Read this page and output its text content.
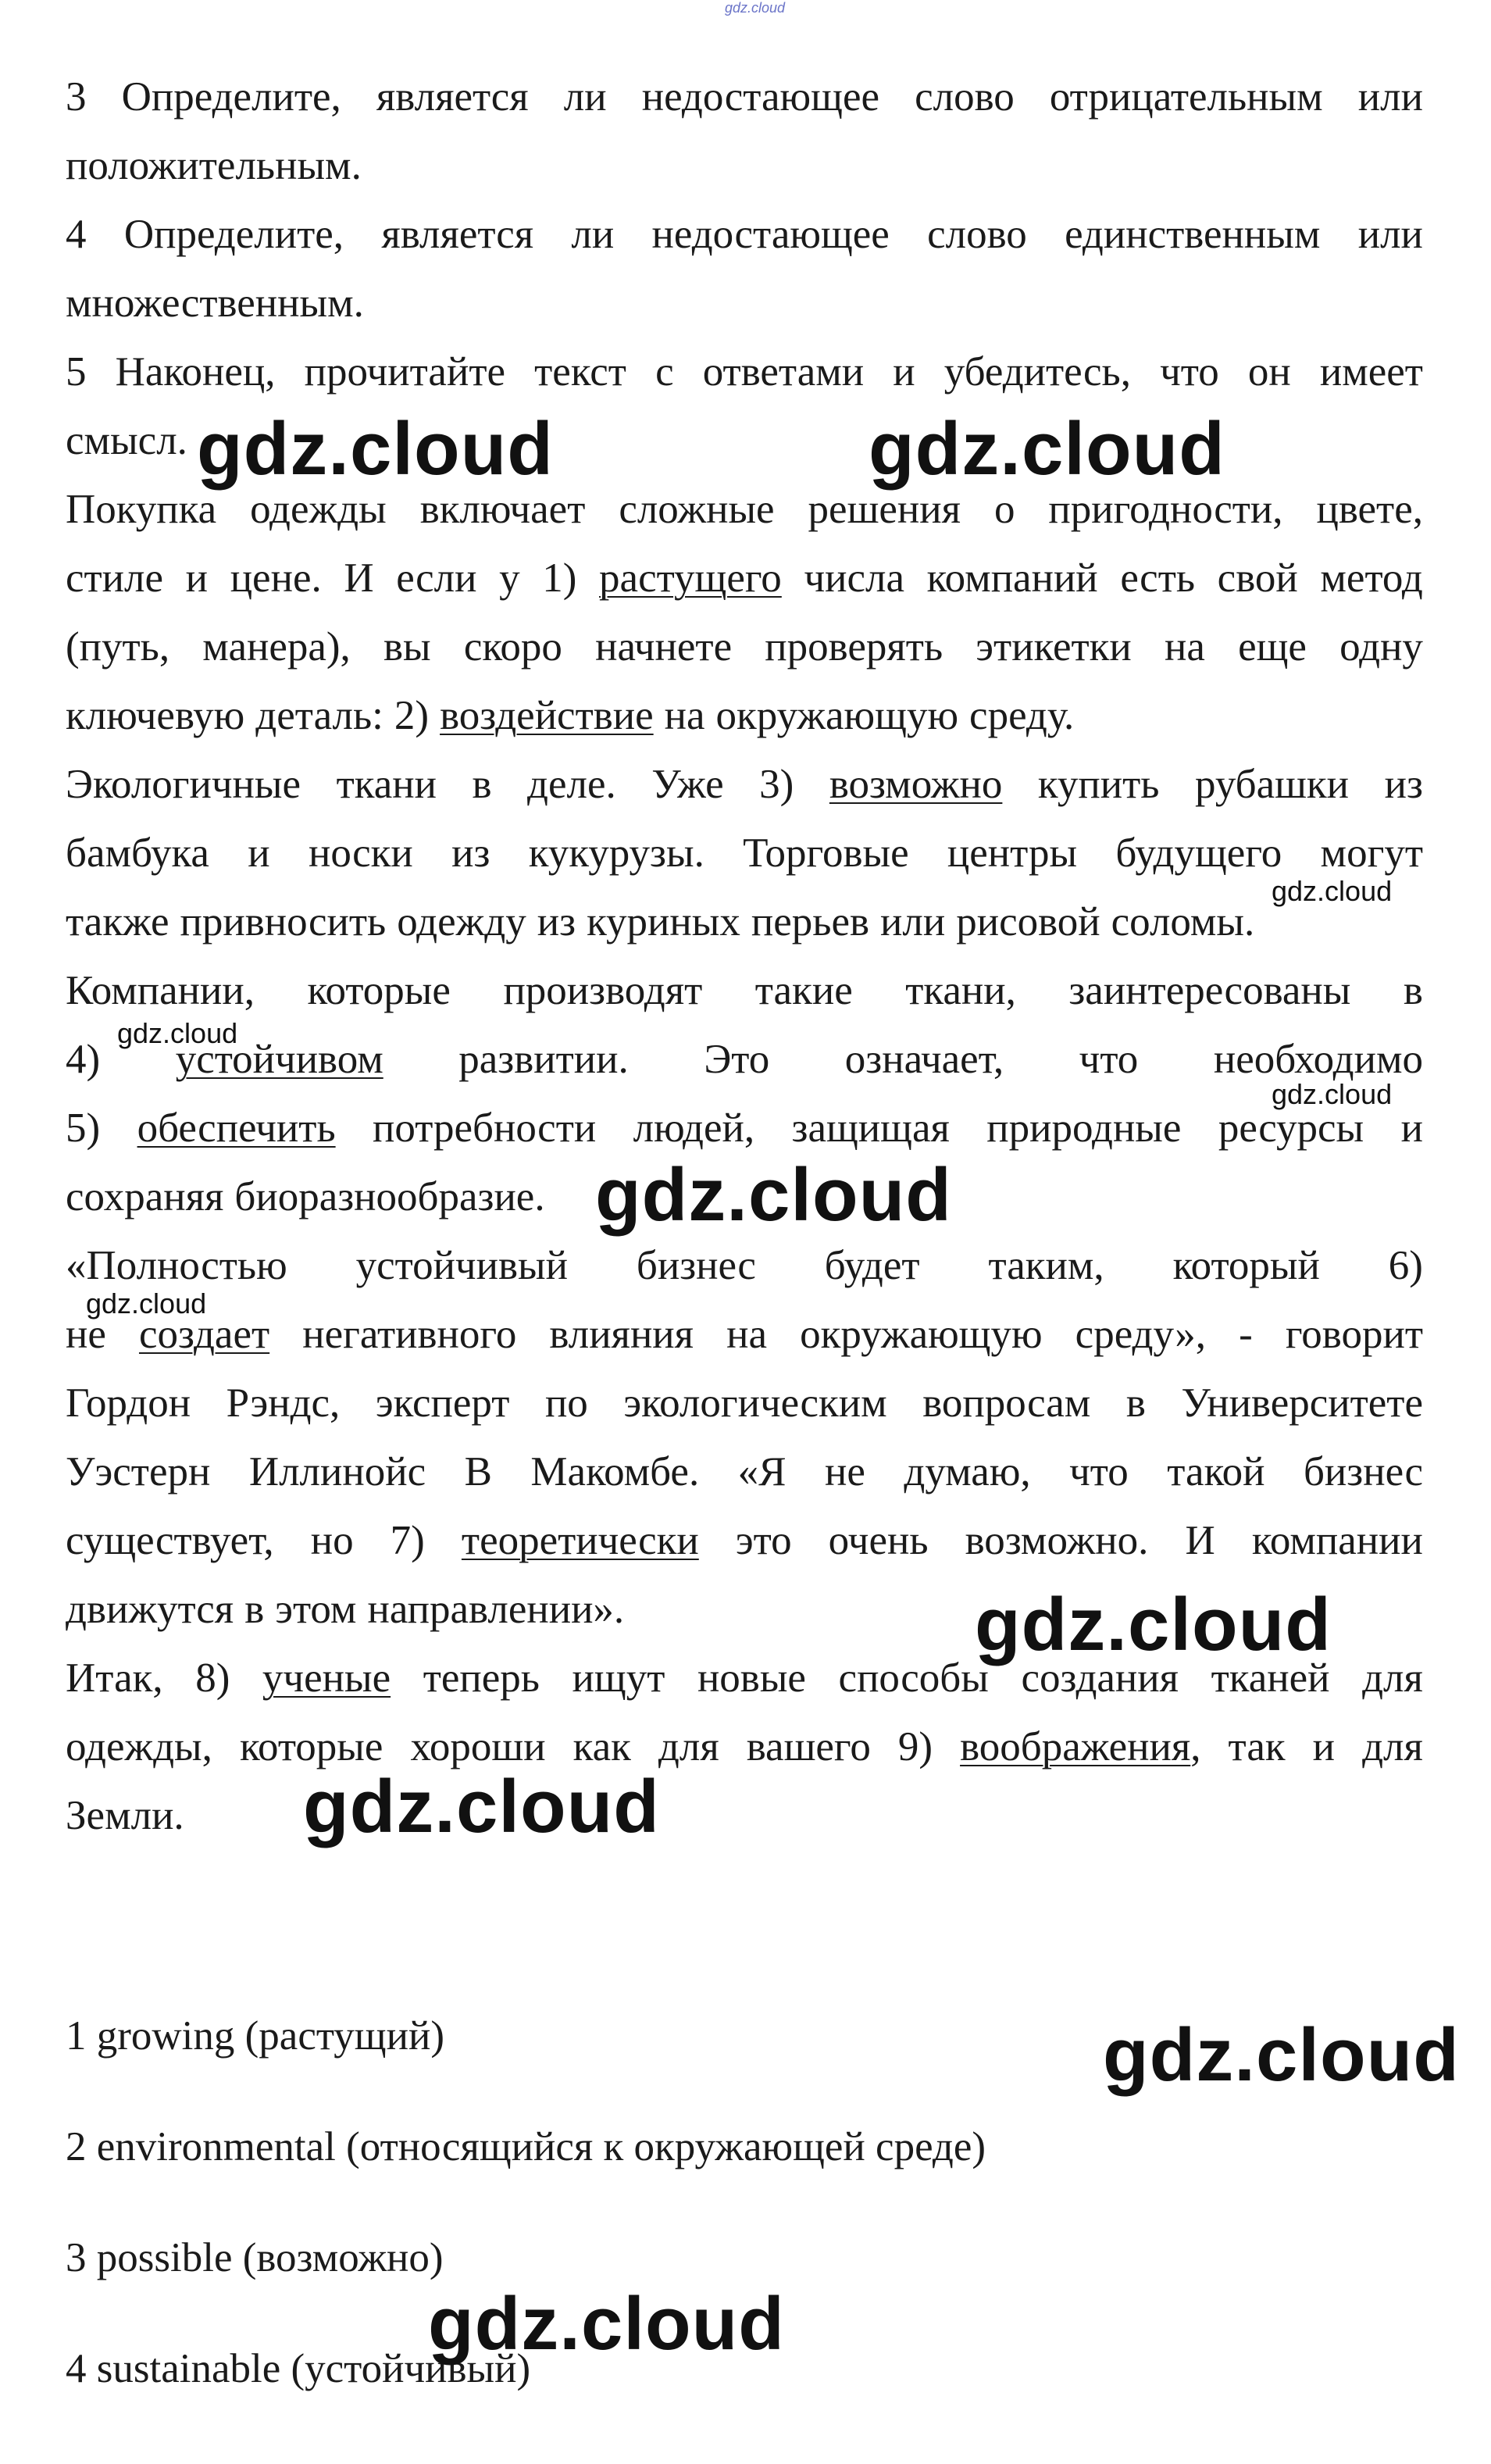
3 Определите, является ли недостающее слово отрицательным или
положительным.
4 Определите, является ли недостающее слово единственным или
множественным.
5 Наконец, прочитайте текст с ответами и убедитесь, что он имеет
смысл.
Покупка одежды включает сложные решения о пригодности, цвете,
стиле и цене. И если у 1) растущего числа компаний есть свой метод
(путь, манера), вы скоро начнете проверять этикетки на еще одну
ключевую деталь: 2) воздействие на окружающую среду.
Экологичные ткани в деле. Уже 3) возможно купить рубашки из
бамбука и носки из кукурузы. Торговые центры будущего могут
также привносить одежду из куриных перьев или рисовой соломы.
Компании, которые производят такие ткани, заинтересованы в
4) устойчивом развитии. Это означает, что необходимо
5) обеспечить потребности людей, защищая природные ресурсы и
сохраняя биоразнообразие.
«Полностью устойчивый бизнес будет таким, который 6)
не создает негативного влияния на окружающую среду», - говорит
Гордон Рэндс, эксперт по экологическим вопросам в Университете
Уэстерн Иллинойс В Макомбе. «Я не думаю, что такой бизнес
существует, но 7) теоретически это очень возможно. И компании
движутся в этом направлении».
Итак, 8) ученые теперь ищут новые способы создания тканей для
одежды, которые хороши как для вашего 9) воображения, так и для
Земли.
1 growing (растущий)
2 environmental (относящийся к окружающей среде)
3 possible (возможно)
4 sustainable (устойчивый)
gdz.cloud
gdz.cloud	gdz.cloud
gdz.cloud
gdz.cloud
gdz.cloud
gdz.cloud
gdz.cloud
gdz.cloud
gdz.cloud
gdz.cloud
gdz.cloud
